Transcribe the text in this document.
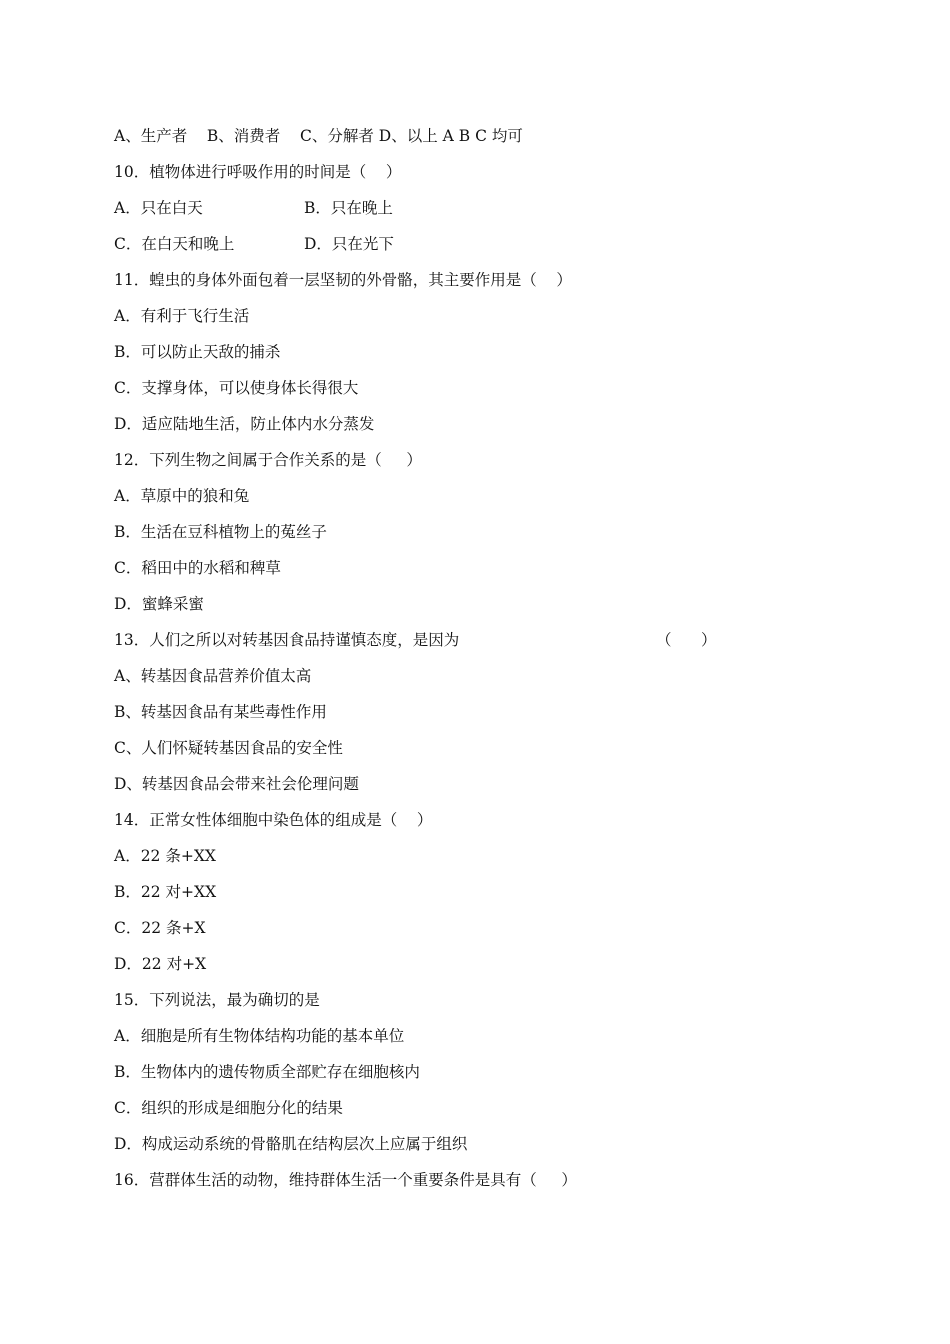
A、生产者    B、消费者    C、分解者 D、以上 A B C 均可
10．植物体进行呼吸作用的时间是（    ）
A．只在白天	B．只在晚上
C．在白天和晚上	D．只在光下
11．蝗虫的身体外面包着一层坚韧的外骨骼，其主要作用是（    ）
A．有利于飞行生活
B．可以防止天敌的捕杀
C．支撑身体，可以使身体长得很大
D．适应陆地生活，防止体内水分蒸发
12．下列生物之间属于合作关系的是（     ）
A．草原中的狼和兔
B．生活在豆科植物上的菟丝子
C．稻田中的水稻和稗草
D．蜜蜂采蜜
13．人们之所以对转基因食品持谨慎态度，是因为	（      ）
A、转基因食品营养价值太高
B、转基因食品有某些毒性作用
C、人们怀疑转基因食品的安全性
D、转基因食品会带来社会伦理问题
14．正常女性体细胞中染色体的组成是（    ）
A．22 条+XX
B．22 对+XX
C．22 条+X
D．22 对+X
15．下列说法，最为确切的是
A．细胞是所有生物体结构功能的基本单位
B．生物体内的遗传物质全部贮存在细胞核内
C．组织的形成是细胞分化的结果
D．构成运动系统的骨骼肌在结构层次上应属于组织
16．营群体生活的动物，维持群体生活一个重要条件是具有（     ）
